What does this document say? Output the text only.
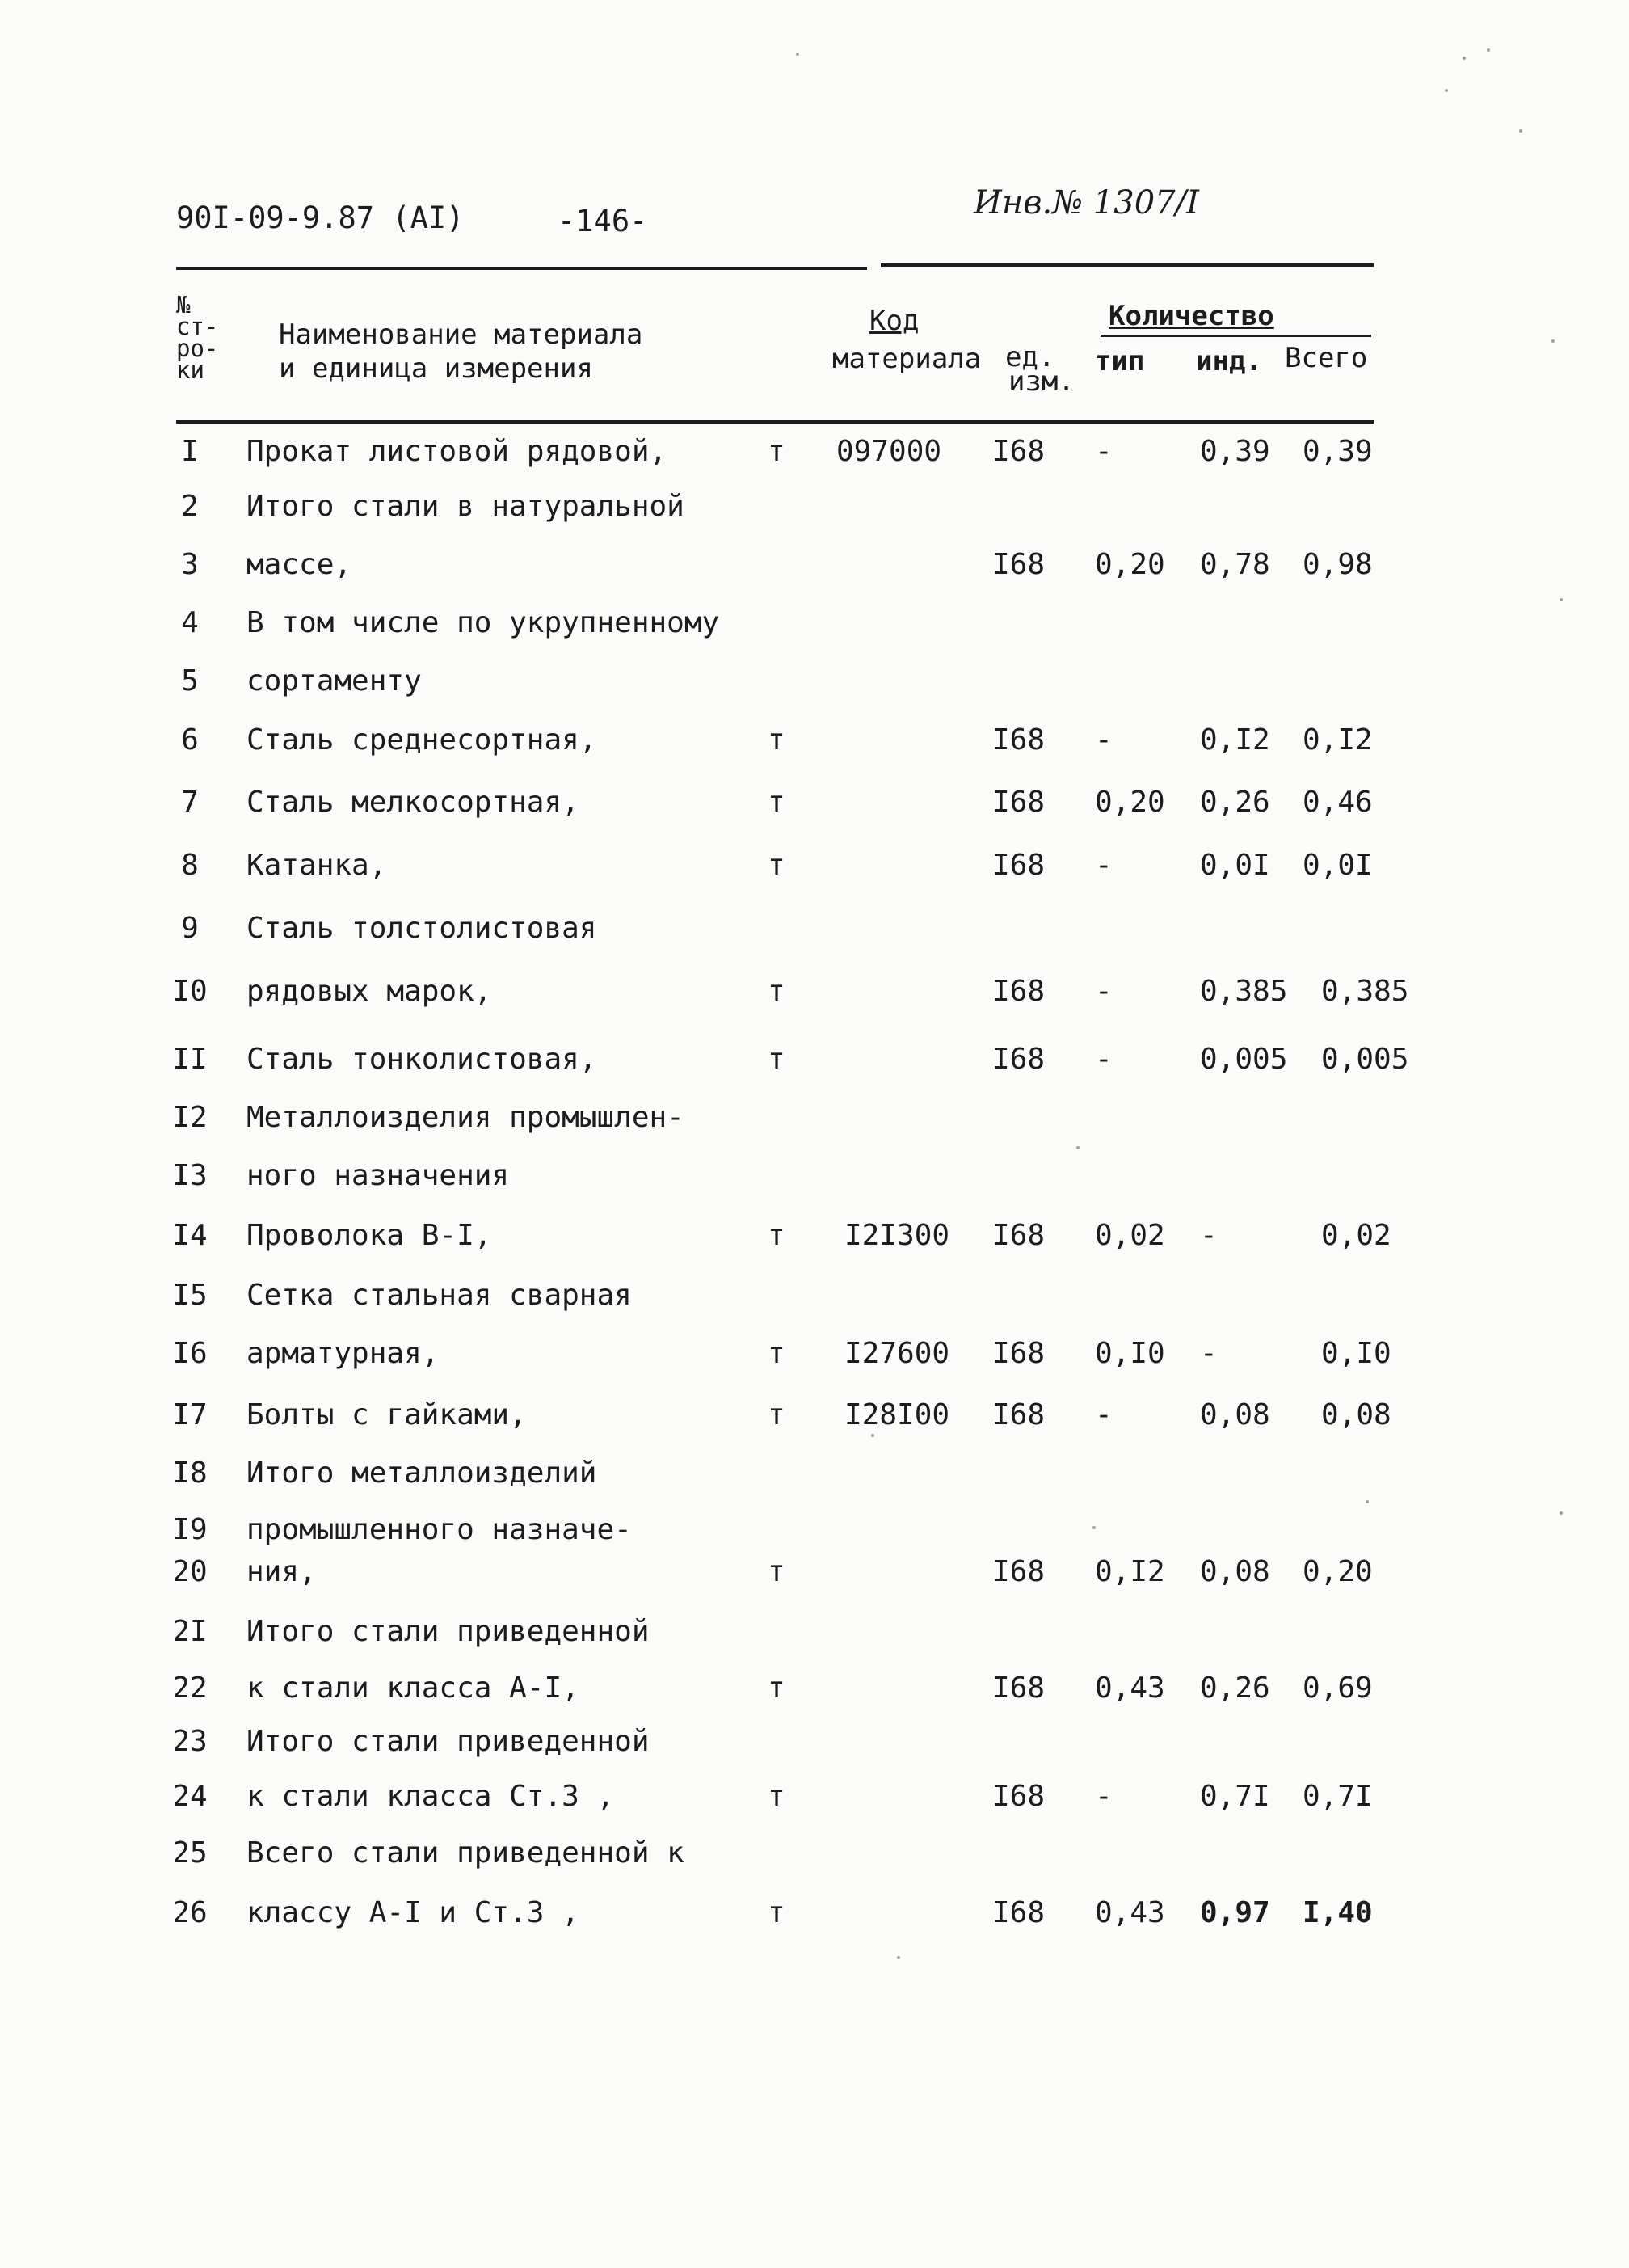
90I-09-9.87 (AI)	-146-	Инв.№ 1307/I
№
ст-
ро-
ки
Наименование материала
и единица измерения
Код
материала ед.
изм.
Количество
тип инд. Всего
I	Прокат листовой рядовой,	т 097000 I68 -	0,39 0,39
2	Итого стали в натуральной
3	массе,	I68 0,20 0,78 0,98
4	В том числе по укрупненному
5	сортаменту
6	Сталь среднесортная,	т	I68 -	0,I2 0,I2
7	Сталь мелкосортная,	т	I68 0,20 0,26 0,46
8	Катанка,	т	I68 -	0,0I 0,0I
9	Сталь толстолистовая
I0 рядовых марок,	т	I68 -	0,385 0,385
II Сталь тонколистовая,	т	I68 -	0,005 0,005
I2 Металлоизделия промышлен-
I3 ного назначения
I4 Проволока В-I,	т I2I300 I68 0,02 -	0,02
I5 Сетка стальная сварная
I6 арматурная,	т I27600 I68 0,I0 -	0,I0
I7 Болты с гайками,	т I28I00 I68 -	0,08 0,08
I8 Итого металлоизделий
I9 промышленного назначе-
20 ния,	т	I68 0,I2 0,08 0,20
2I Итого стали приведенной
22 к стали класса А-I,	т	I68 0,43 0,26 0,69
23 Итого стали приведенной
24 к стали класса Ст.3 ,	т	I68 -	0,7I 0,7I
25 Всего стали приведенной к
26 классу А-I и Ст.3 ,	т	I68 0,43 0,97 I,40
